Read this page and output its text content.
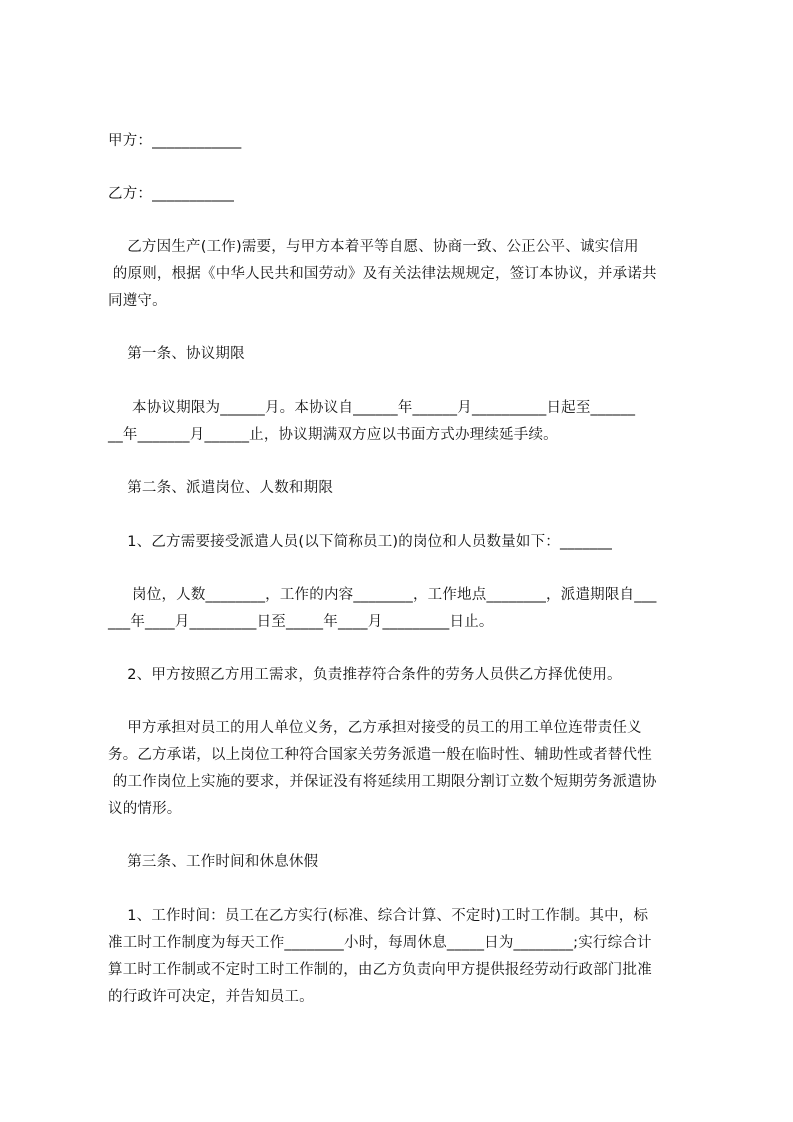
甲方：____________
乙方：___________
乙方因生产(工作)需要，与甲方本着平等自愿、协商一致、公正公平、诚实信用
的原则，根据《中华人民共和国劳动》及有关法律法规规定，签订本协议，并承诺共
同遵守。
第一条、协议期限
本协议期限为______月。本协议自______年______月__________日起至______
__年_______月______止，协议期满双方应以书面方式办理续延手续。
第二条、派遣岗位、人数和期限
1、乙方需要接受派遣人员(以下简称员工)的岗位和人员数量如下：_______
岗位，人数________，工作的内容________，工作地点________，派遣期限自___
___年____月_________日至_____年____月_________日止。
2、甲方按照乙方用工需求，负责推荐符合条件的劳务人员供乙方择优使用。
甲方承担对员工的用人单位义务，乙方承担对接受的员工的用工单位连带责任义
务。乙方承诺，以上岗位工种符合国家关劳务派遣一般在临时性、辅助性或者替代性
的工作岗位上实施的要求，并保证没有将延续用工期限分割订立数个短期劳务派遣协
议的情形。
第三条、工作时间和休息休假
1、工作时间：员工在乙方实行(标准、综合计算、不定时)工时工作制。其中，标
准工时工作制度为每天工作________小时，每周休息_____日为________;实行综合计
算工时工作制或不定时工时工作制的，由乙方负责向甲方提供报经劳动行政部门批准
的行政许可决定，并告知员工。
